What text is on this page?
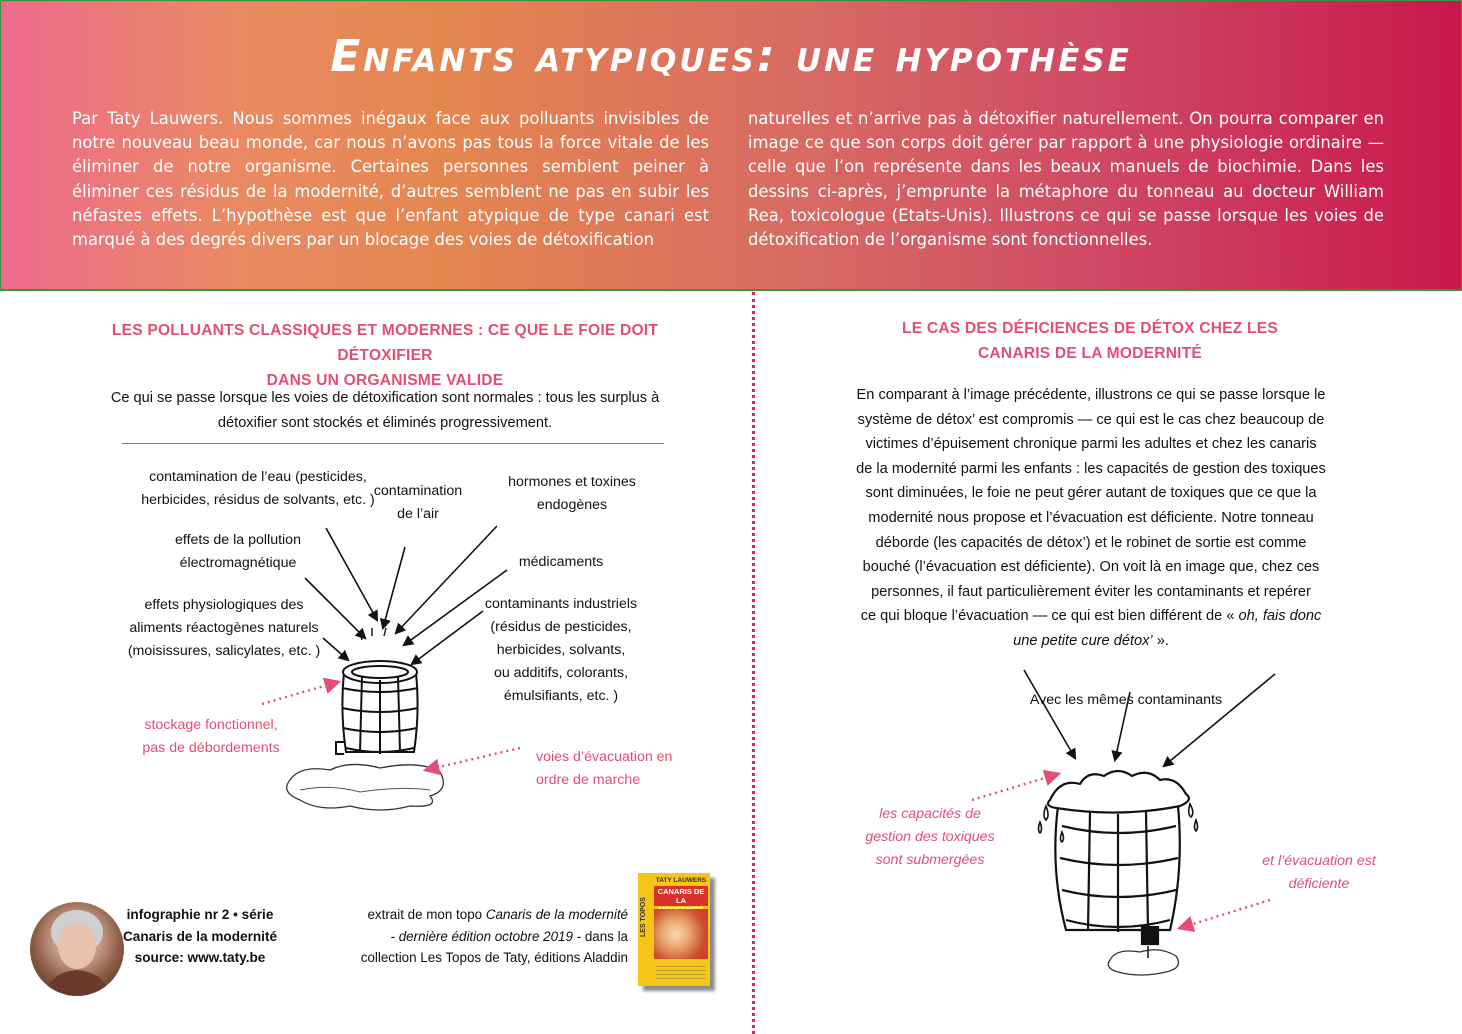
Enfants atypiques: une hypothèse
Par Taty Lauwers. Nous sommes inégaux face aux polluants invisibles de notre nouveau beau monde, car nous n’avons pas tous la force vitale de les éliminer de notre organisme. Certaines personnes semblent peiner à éliminer ces résidus de la modernité, d’autres semblent ne pas en subir les néfastes effets. L’hypothèse est que l’enfant atypique de type canari est marqué à des degrés divers par un blocage des voies de détoxification
naturelles et n’arrive pas à détoxifier naturellement. On pourra comparer en image ce que son corps doit gérer par rapport à une physiologie ordinaire — celle que l’on représente dans les beaux manuels de biochimie. Dans les dessins ci-après, j’emprunte la métaphore du tonneau au docteur William Rea, toxicologue (Etats-Unis). Illustrons ce qui se passe lorsque les voies de détoxification de l’organisme sont fonctionnelles.
LES POLLUANTS CLASSIQUES ET MODERNES : CE QUE LE FOIE DOIT DÉTOXIFIER
DANS UN ORGANISME VALIDE
Ce qui se passe lorsque les voies de détoxification sont normales : tous les surplus à
détoxifier sont stockés et éliminés progressivement.
contamination de l’eau (pesticides,
herbicides, résidus de solvants, etc. )
contamination
de l’air
hormones et toxines
endogènes
effets de la pollution
électromagnétique	médicaments
effets physiologiques des
aliments réactogènes naturels
(moisissures, salicylates, etc. )
contaminants industriels
(résidus de pesticides,
herbicides, solvants,
ou additifs, colorants,
émulsifiants, etc. )
stockage fonctionnel,
pas de débordements
voies d’évacuation en
ordre de marche
LE CAS DES DÉFICIENCES DE DÉTOX CHEZ LES
CANARIS DE LA MODERNITÉ
En comparant à l’image précédente, illustrons ce qui se passe lorsque le
système de détox’ est compromis — ce qui est le cas chez beaucoup de
victimes d’épuisement chronique parmi les adultes et chez les canaris
de la modernité parmi les enfants : les capacités de gestion des toxiques
sont diminuées, le foie ne peut gérer autant de toxiques que ce que la
modernité nous propose et l’évacuation est déficiente. Notre tonneau
déborde (les capacités de détox’) et le robinet de sortie est comme
bouché (l’évacuation est déficiente). On voit là en image que, chez ces
personnes, il faut particulièrement éviter les contaminants et repérer
ce qui bloque l’évacuation — ce qui est bien différent de « oh, fais donc
une petite cure détox’ ».
Avec les mêmes contaminants
les capacités de
gestion des toxiques
sont submergées	et l’évacuation est
déficiente
infographie nr 2 • série
Canaris de la modernité
source: www.taty.be
extrait de mon topo Canaris de la modernité
- dernière édition octobre 2019 - dans la
collection Les Topos de Taty, éditions Aladdin
LES TOPOS
TATY LAUWERS
CANARIS DE LA
